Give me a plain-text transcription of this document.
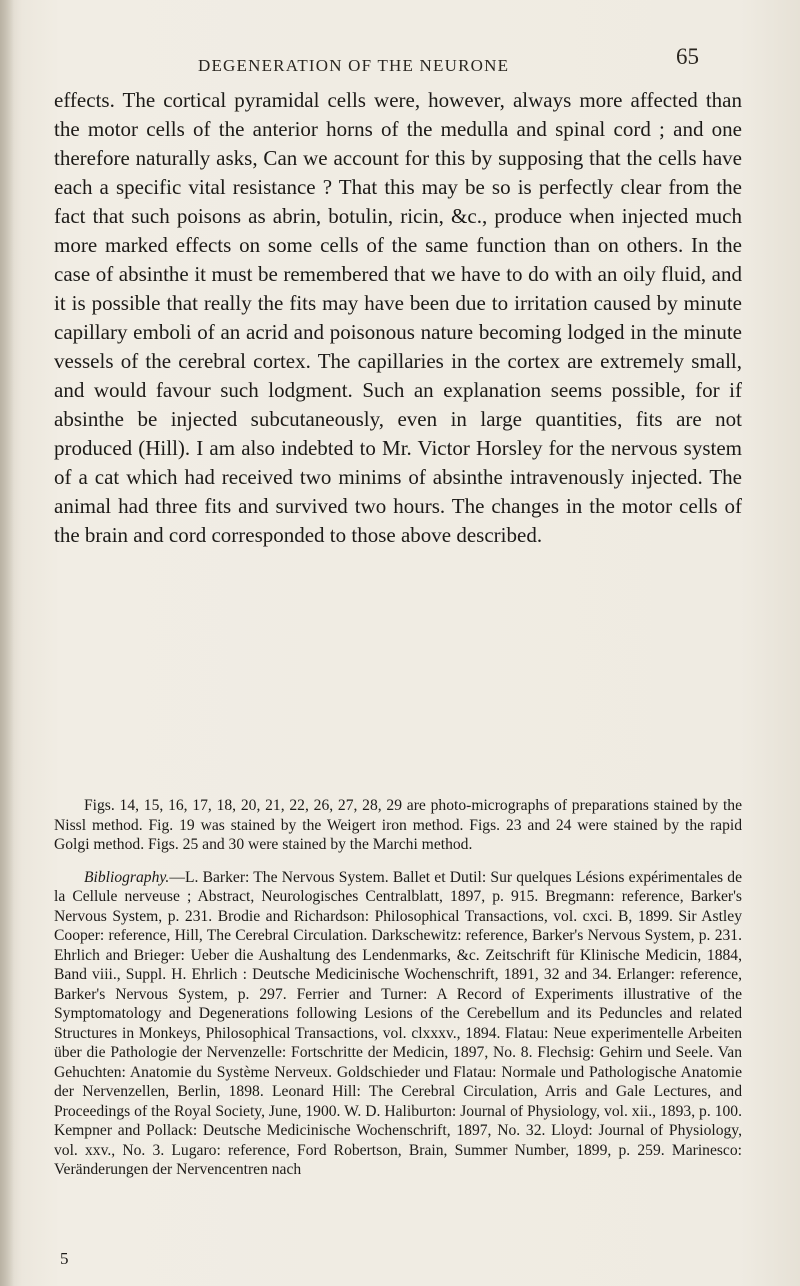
DEGENERATION OF THE NEURONE	65

effects. The cortical pyramidal cells were, however, always more affected than the motor cells of the anterior horns of the medulla and spinal cord ; and one therefore naturally asks, Can we account for this by supposing that the cells have each a specific vital resistance ? That this may be so is perfectly clear from the fact that such poisons as abrin, botulin, ricin, &c., produce when injected much more marked effects on some cells of the same function than on others. In the case of absinthe it must be remembered that we have to do with an oily fluid, and it is possible that really the fits may have been due to irritation caused by minute capillary emboli of an acrid and poisonous nature becoming lodged in the minute vessels of the cerebral cortex. The capillaries in the cortex are extremely small, and would favour such lodgment. Such an explanation seems possible, for if absinthe be injected subcutaneously, even in large quantities, fits are not produced (Hill). I am also indebted to Mr. Victor Horsley for the nervous system of a cat which had received two minims of absinthe intravenously injected. The animal had three fits and survived two hours. The changes in the motor cells of the brain and cord corresponded to those above described.

Figs. 14, 15, 16, 17, 18, 20, 21, 22, 26, 27, 28, 29 are photo-micrographs of preparations stained by the Nissl method. Fig. 19 was stained by the Weigert iron method. Figs. 23 and 24 were stained by the rapid Golgi method. Figs. 25 and 30 were stained by the Marchi method.

Bibliography.—L. Barker: The Nervous System. Ballet et Dutil: Sur quelques Lésions expérimentales de la Cellule nerveuse ; Abstract, Neurologisches Centralblatt, 1897, p. 915. Bregmann: reference, Barker's Nervous System, p. 231. Brodie and Richardson: Philosophical Transactions, vol. cxci. B, 1899. Sir Astley Cooper: reference, Hill, The Cerebral Circulation. Darkschewitz: reference, Barker's Nervous System, p. 231. Ehrlich and Brieger: Ueber die Aushaltung des Lendenmarks, &c. Zeitschrift für Klinische Medicin, 1884, Band viii., Suppl. H. Ehrlich : Deutsche Medicinische Wochenschrift, 1891, 32 and 34. Erlanger: reference, Barker's Nervous System, p. 297. Ferrier and Turner: A Record of Experiments illustrative of the Symptomatology and Degenerations following Lesions of the Cerebellum and its Peduncles and related Structures in Monkeys, Philosophical Transactions, vol. clxxxv., 1894. Flatau: Neue experimentelle Arbeiten über die Pathologie der Nervenzelle: Fortschritte der Medicin, 1897, No. 8. Flechsig: Gehirn und Seele. Van Gehuchten: Anatomie du Système Nerveux. Goldschieder und Flatau: Normale und Pathologische Anatomie der Nervenzellen, Berlin, 1898. Leonard Hill: The Cerebral Circulation, Arris and Gale Lectures, and Proceedings of the Royal Society, June, 1900. W. D. Haliburton: Journal of Physiology, vol. xii., 1893, p. 100. Kempner and Pollack: Deutsche Medicinische Wochenschrift, 1897, No. 32. Lloyd: Journal of Physiology, vol. xxv., No. 3. Lugaro: reference, Ford Robertson, Brain, Summer Number, 1899, p. 259. Marinesco: Veränderungen der Nervencentren nach

5
